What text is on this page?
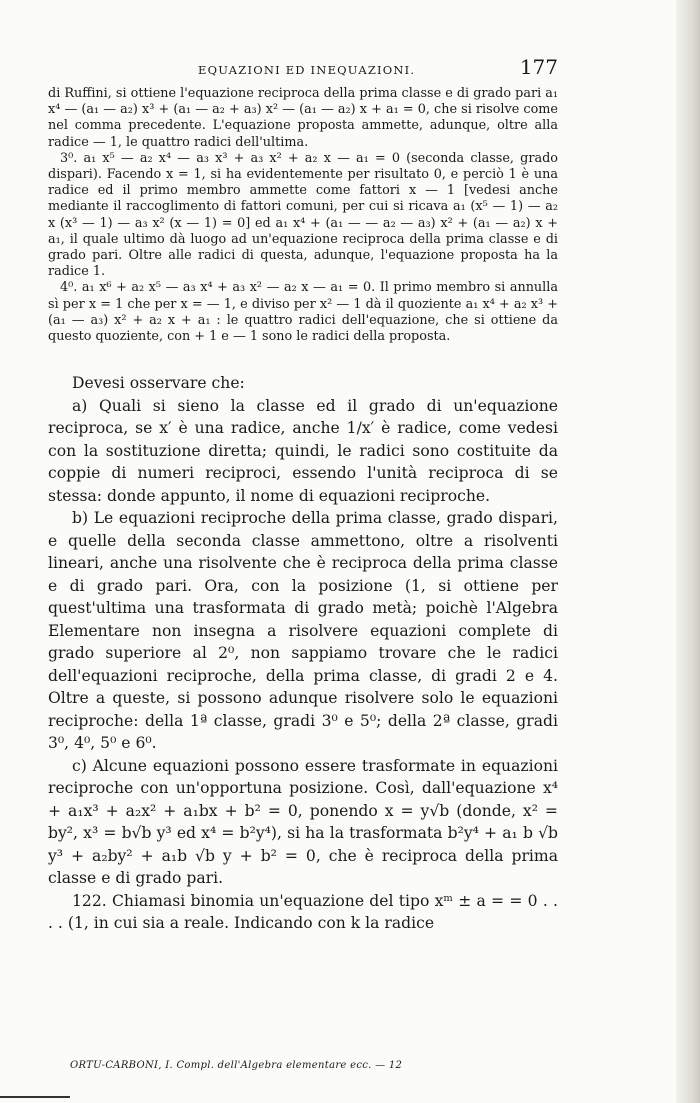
EQUAZIONI ED INEQUAZIONI.	177

di Ruffini, si ottiene l'equazione reciproca della prima classe e di grado pari a₁ x⁴ — (a₁ — a₂) x³ + (a₁ — a₂ + a₃) x² — (a₁ — a₂) x + a₁ = 0, che si risolve come nel comma precedente. L'equazione proposta ammette, adunque, oltre alla radice — 1, le quattro radici dell'ultima.

3⁰. a₁ x⁵ — a₂ x⁴ — a₃ x³ + a₃ x² + a₂ x — a₁ = 0 (seconda classe, grado dispari). Facendo x = 1, si ha evidentemente per risultato 0, e perciò 1 è una radice ed il primo membro ammette come fattori x — 1 [vedesi anche mediante il raccoglimento di fattori comuni, per cui si ricava a₁ (x⁵ — 1) — a₂ x (x³ — 1) — a₃ x² (x — 1) = 0] ed a₁ x⁴ + (a₁ — — a₂ — a₃) x² + (a₁ — a₂) x + a₁, il quale ultimo dà luogo ad un'equazione reciproca della prima classe e di grado pari. Oltre alle radici di questa, adunque, l'equazione proposta ha la radice 1.

4⁰. a₁ x⁶ + a₂ x⁵ — a₃ x⁴ + a₃ x² — a₂ x — a₁ = 0. Il primo membro si annulla sì per x = 1 che per x = — 1, e diviso per x² — 1 dà il quoziente a₁ x⁴ + a₂ x³ + (a₁ — a₃) x² + a₂ x + a₁ : le quattro radici dell'equazione, che si ottiene da questo quoziente, con + 1 e — 1 sono le radici della proposta.

Devesi osservare che:

a) Quali si sieno la classe ed il grado di un'equazione reciproca, se x′ è una radice, anche 1/x′ è radice, come vedesi con la sostituzione diretta; quindi, le radici sono costituite da coppie di numeri reciproci, essendo l'unità reciproca di se stessa: donde appunto, il nome di equazioni reciproche.

b) Le equazioni reciproche della prima classe, grado dispari, e quelle della seconda classe ammettono, oltre a risolventi lineari, anche una risolvente che è reciproca della prima classe e di grado pari. Ora, con la posizione (1, si ottiene per quest'ultima una trasformata di grado metà; poichè l'Algebra Elementare non insegna a risolvere equazioni complete di grado superiore al 2⁰, non sappiamo trovare che le radici dell'equazioni reciproche, della prima classe, di gradi 2 e 4. Oltre a queste, si possono adunque risolvere solo le equazioni reciproche: della 1ª classe, gradi 3⁰ e 5⁰; della 2ª classe, gradi 3⁰, 4⁰, 5⁰ e 6⁰.

c) Alcune equazioni possono essere trasformate in equazioni reciproche con un'opportuna posizione. Così, dall'equazione x⁴ + a₁x³ + a₂x² + a₁bx + b² = 0, ponendo x = y√b (donde, x² = by², x³ = b√b y³ ed x⁴ = b²y⁴), si ha la trasformata b²y⁴ + a₁ b √b y³ + a₂by² + a₁b √b y + b² = 0, che è reciproca della prima classe e di grado pari.

122. Chiamasi binomia un'equazione del tipo xᵐ ± a = = 0 . . . . (1, in cui sia a reale. Indicando con k la radice

ORTU-CARBONI, I. Compl. dell'Algebra elementare ecc. — 12
